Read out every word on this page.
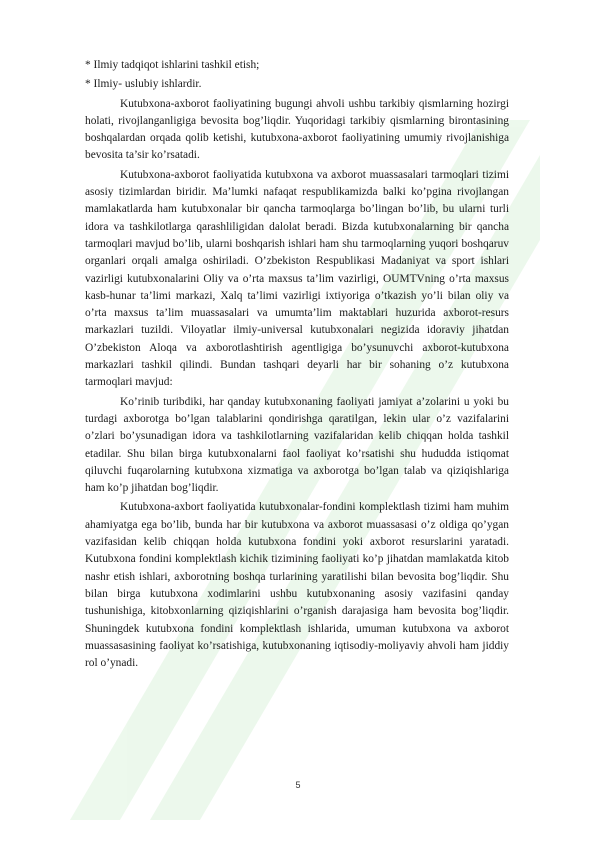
* Ilmiy tadqiqot ishlarini tashkil etish;

* Ilmiy- uslubiy ishlardir.

Kutubxona-axborot faoliyatining bugungi ahvoli ushbu tarkibiy qismlarning hozirgi holati, rivojlanganligiga bevosita bog’liqdir. Yuqoridagi tarkibiy qismlarning birontasining boshqalardan orqada qolib ketishi, kutubxona-axborot faoliyatining umumiy rivojlanishiga bevosita ta’sir ko’rsatadi.

Kutubxona-axborot faoliyatida kutubxona va axborot muassasalari tarmoqlari tizimi asosiy tizimlardan biridir. Ma’lumki nafaqat respublikamizda balki ko’pgina rivojlangan mamlakatlarda ham kutubxonalar bir qancha tarmoqlarga bo’lingan bo’lib, bu ularni turli idora va tashkilotlarga qarashliligidan dalolat beradi. Bizda kutubxonalarning bir qancha tarmoqlari mavjud bo’lib, ularni boshqarish ishlari ham shu tarmoqlarning yuqori boshqaruv organlari orqali amalga oshiriladi. O’zbekiston Respublikasi Madaniyat va sport ishlari vazirligi kutubxonalarini Oliy va o’rta maxsus ta’lim vazirligi, OUMTVning o’rta maxsus kasb-hunar ta’limi markazi, Xalq ta’limi vazirligi ixtiyoriga o’tkazish yo’li bilan oliy va o’rta maxsus ta’lim muassasalari va umumta’lim maktablari huzurida axborot-resurs markazlari tuzildi. Viloyatlar ilmiy-universal kutubxonalari negizida idoraviy jihatdan O’zbekiston Aloqa va axborotlashtirish agentligiga bo’ysunuvchi axborot-kutubxona markazlari tashkil qilindi. Bundan tashqari deyarli har bir sohaning o’z kutubxona tarmoqlari mavjud:

Ko’rinib turibdiki, har qanday kutubxonaning faoliyati jamiyat a’zolarini u yoki bu turdagi axborotga bo’lgan talablarini qondirishga qaratilgan, lekin ular o’z vazifalarini o’zlari bo’ysunadigan idora va tashkilotlarning vazifalaridan kelib chiqqan holda tashkil etadilar. Shu bilan birga kutubxonalarni faol faoliyat ko’rsatishi shu hududda istiqomat qiluvchi fuqarolarning kutubxona xizmatiga va axborotga bo’lgan talab va qiziqishlariga ham ko’p jihatdan bog’liqdir.

Kutubxona-axbort faoliyatida kutubxonalar-fondini komplektlash tizimi ham muhim ahamiyatga ega bo’lib, bunda har bir kutubxona va axborot muassasasi o’z oldiga qo’ygan vazifasidan kelib chiqqan holda kutubxona fondini yoki axborot resurslarini yaratadi. Kutubxona fondini komplektlash kichik tizimining faoliyati ko’p jihatdan mamlakatda kitob nashr etish ishlari, axborotning boshqa turlarining yaratilishi bilan bevosita bog’liqdir. Shu bilan birga kutubxona xodimlarini ushbu kutubxonaning asosiy vazifasini qanday tushunishiga, kitobxonlarning qiziqishlarini o’rganish darajasiga ham bevosita bog’liqdir. Shuningdek kutubxona fondini komplektlash ishlarida, umuman kutubxona va axborot muassasasining faoliyat ko’rsatishiga, kutubxonaning iqtisodiy-moliyaviy ahvoli ham jiddiy rol o’ynadi.

5
